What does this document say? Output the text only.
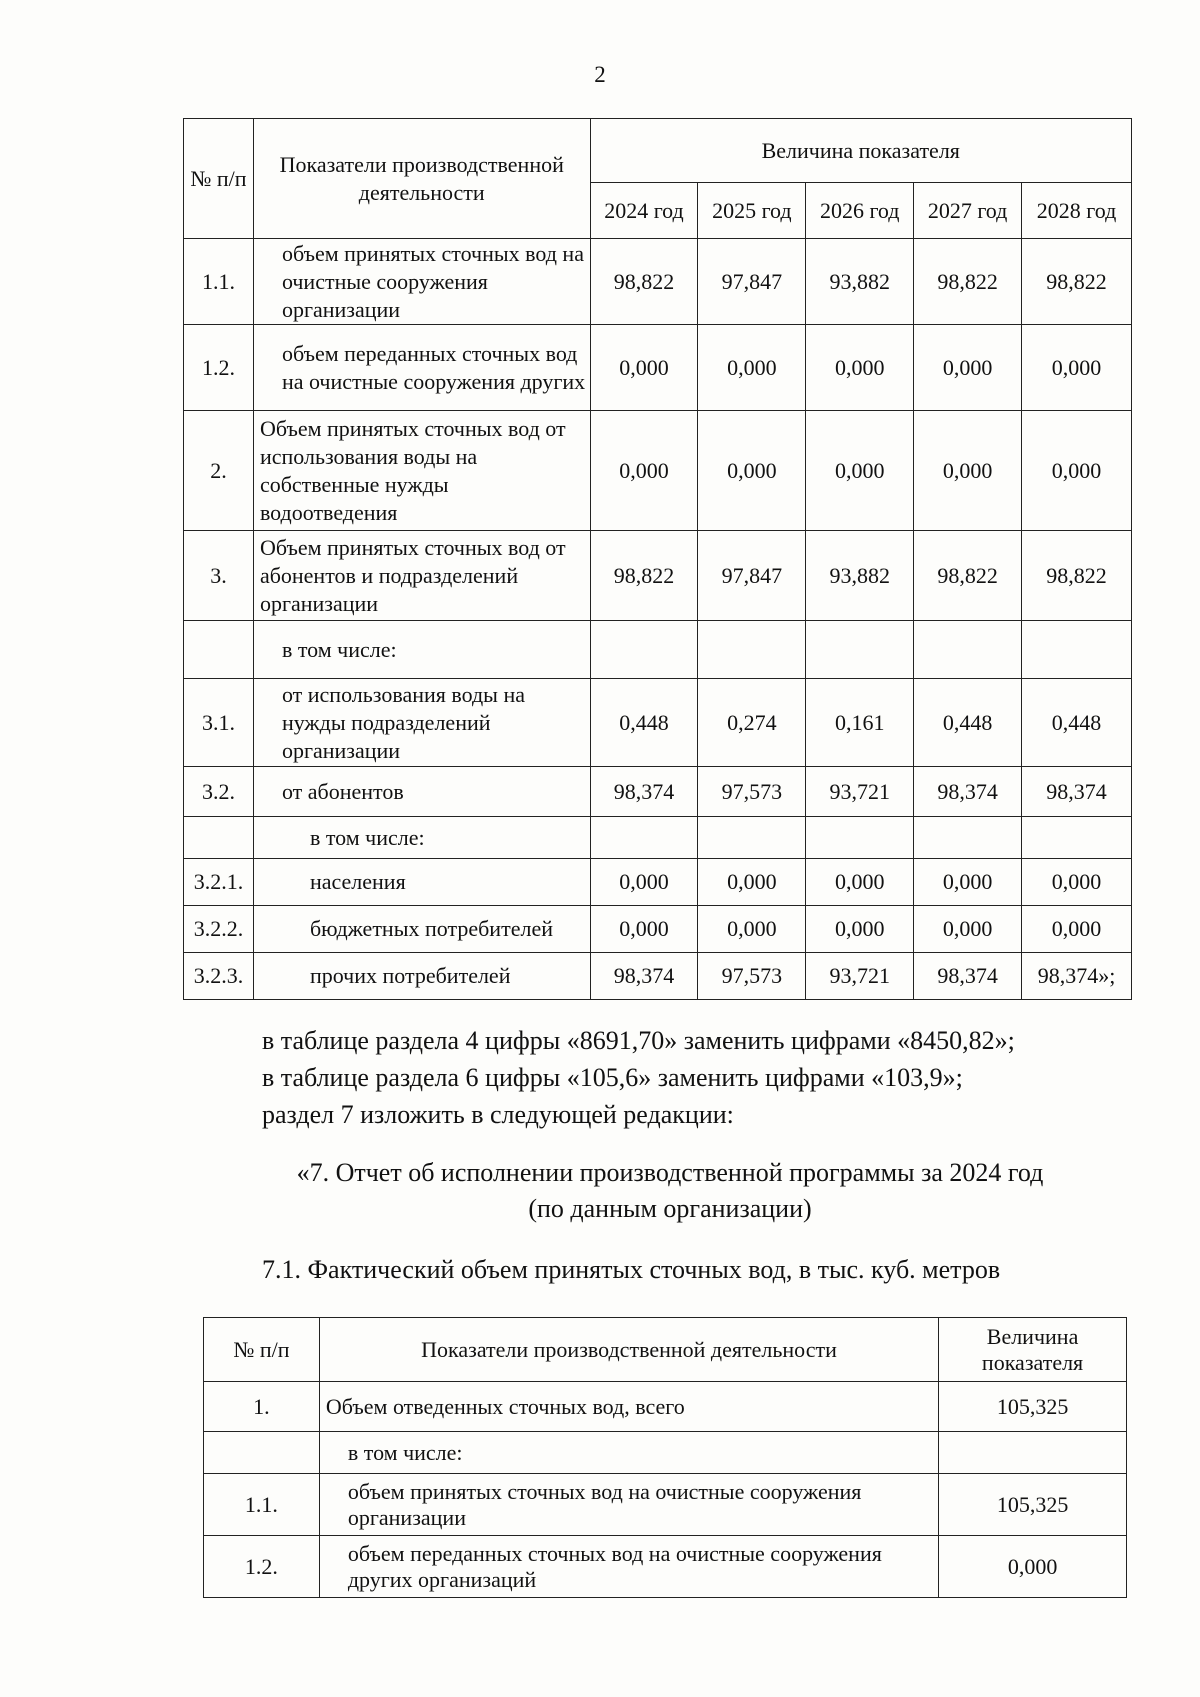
2
№ п/п	Показатели производственной деятельности	Величина показателя				
		2024 год	2025 год	2026 год	2027 год	2028 год
1.1.	объем принятых сточных вод на очистные сооружения организации	98,822	97,847	93,882	98,822	98,822
1.2.	объем переданных сточных вод на очистные сооружения других	0,000	0,000	0,000	0,000	0,000
2.	Объем принятых сточных вод от использования воды на собственные нужды водоотведения	0,000	0,000	0,000	0,000	0,000
3.	Объем принятых сточных вод от абонентов и подразделений организации	98,822	97,847	93,882	98,822	98,822
	в том числе:					
3.1.	от использования воды на нужды подразделений организации	0,448	0,274	0,161	0,448	0,448
3.2.	от абонентов	98,374	97,573	93,721	98,374	98,374
	в том числе:					
3.2.1.	населения	0,000	0,000	0,000	0,000	0,000
3.2.2.	бюджетных потребителей	0,000	0,000	0,000	0,000	0,000
3.2.3.	прочих потребителей	98,374	97,573	93,721	98,374	98,374»;

в таблице раздела 4 цифры «8691,70» заменить цифрами «8450,82»;

в таблице раздела 6 цифры «105,6» заменить цифрами «103,9»;

раздел 7 изложить в следующей редакции:

«7. Отчет об исполнении производственной программы за 2024 год

(по данным организации)

7.1. Фактический объем принятых сточных вод, в тыс. куб. метров
№ п/п	Показатели производственной деятельности	Величина показателя
1.	Объем отведенных сточных вод, всего	105,325
	в том числе:	
1.1.	объем принятых сточных вод на очистные сооружения организации	105,325
1.2.	объем переданных сточных вод на очистные сооружения других организаций	0,000
